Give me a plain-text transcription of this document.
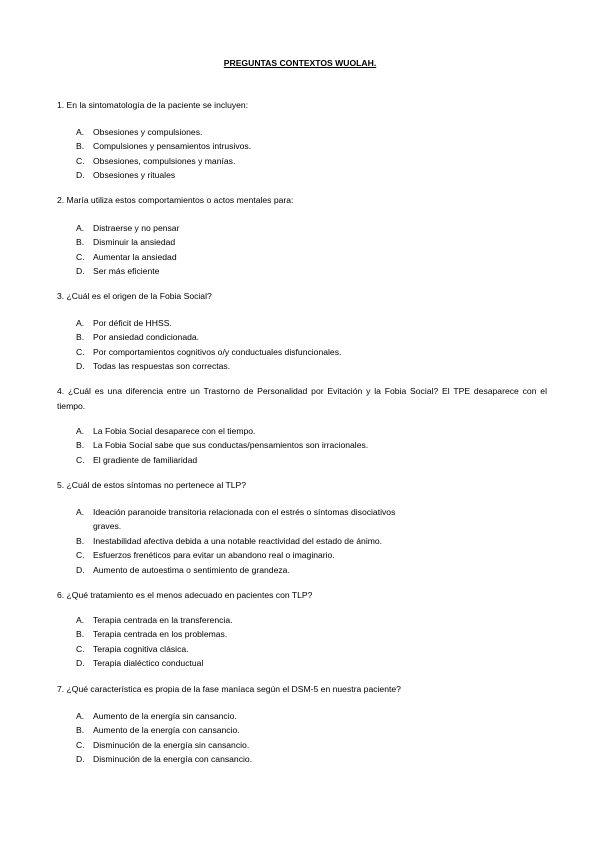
PREGUNTAS CONTEXTOS WUOLAH.
1. En la sintomatología de la paciente se incluyen:
A.	Obsesiones y compulsiones.
B.	Compulsiones y pensamientos intrusivos.
C. Obsesiones, compulsiones y manías.
D. Obsesiones y rituales
2. María utiliza estos comportamientos o actos mentales para:
A.	Distraerse y no pensar
B.	Disminuir la ansiedad
C. Aumentar la ansiedad
D. Ser más eficiente
3. ¿Cuál es el origen de la Fobia Social?
A.	Por déficit de HHSS.
B.	Por ansiedad condicionada.
C. Por comportamientos cognitivos o/y conductuales disfuncionales.
D. Todas las respuestas son correctas.
4. ¿Cuál es una diferencia entre un Trastorno de Personalidad por Evitación y la Fobia Social? El TPE desaparece con el tiempo.
A.	La Fobia Social desaparece con el tiempo.
B.	La Fobia Social sabe que sus conductas/pensamientos son irracionales.
C. El gradiente de familiaridad
5. ¿Cuál de estos síntomas no pertenece al TLP?
A.	Ideación paranoide transitoria relacionada con el estrés o síntomas disociativos graves.
B.	Inestabilidad afectiva debida a una notable reactividad del estado de ánimo.
C. Esfuerzos frenéticos para evitar un abandono real o imaginario.
D. Aumento de autoestima o sentimiento de grandeza.
6. ¿Qué tratamiento es el menos adecuado en pacientes con TLP?
A.	Terapia centrada en la transferencia.
B.	Terapia centrada en los problemas.
C. Terapia cognitiva clásica.
D. Terapia dialéctico conductual
7. ¿Qué característica es propia de la fase maníaca según el DSM-5 en nuestra paciente?
A.	Aumento de la energía sin cansancio.
B.	Aumento de la energía con cansancio.
C. Disminución de la energía sin cansancio.
D. Disminución de la energía con cansancio.
